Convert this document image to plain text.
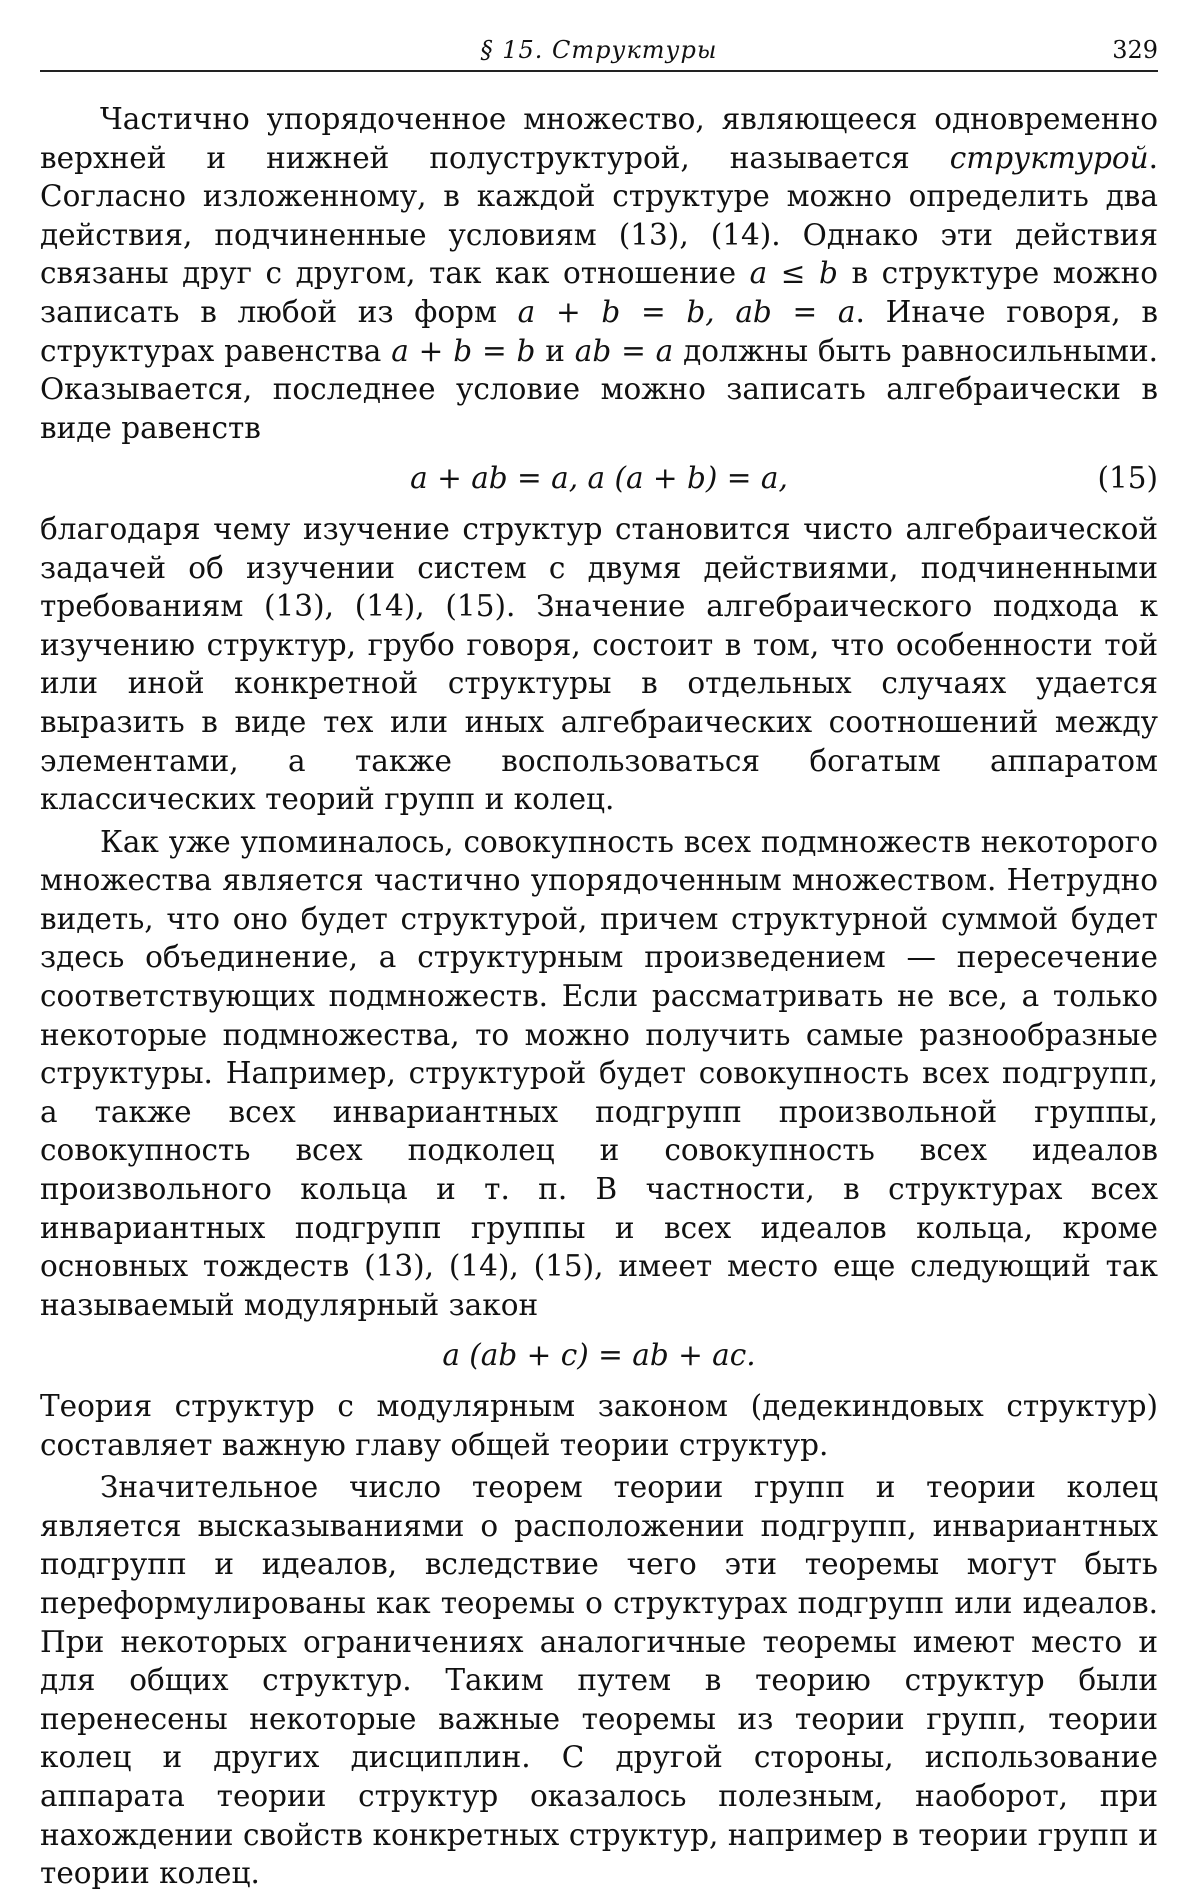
§ 15. Структуры	329

Частично упорядоченное множество, являющееся одновременно верхней и нижней полуструктурой, называется структурой. Согласно изложенному, в каждой структуре можно определить два действия, подчиненные условиям (13), (14). Однако эти действия связаны друг с другом, так как отношение a ≤ b в структуре можно записать в любой из форм a + b = b, ab = a. Иначе говоря, в структурах равенства a + b = b и ab = a должны быть равносильными. Оказывается, последнее условие можно записать алгебраически в виде равенств

a + ab = a, a (a + b) = a,	(15)

благодаря чему изучение структур становится чисто алгебраической задачей об изучении систем с двумя действиями, подчиненными требованиям (13), (14), (15). Значение алгебраического подхода к изучению структур, грубо говоря, состоит в том, что особенности той или иной конкретной структуры в отдельных случаях удается выразить в виде тех или иных алгебраических соотношений между элементами, а также воспользоваться богатым аппаратом классических теорий групп и колец.

Как уже упоминалось, совокупность всех подмножеств некоторого множества является частично упорядоченным множеством. Нетрудно видеть, что оно будет структурой, причем структурной суммой будет здесь объединение, а структурным произведением — пересечение соответствующих подмножеств. Если рассматривать не все, а только некоторые подмножества, то можно получить самые разнообразные структуры. Например, структурой будет совокупность всех подгрупп, а также всех инвариантных подгрупп произвольной группы, совокупность всех подколец и совокупность всех идеалов произвольного кольца и т. п. В частности, в структурах всех инвариантных подгрупп группы и всех идеалов кольца, кроме основных тождеств (13), (14), (15), имеет место еще следующий так называемый модулярный закон

a (ab + c) = ab + ac.

Теория структур с модулярным законом (дедекиндовых структур) составляет важную главу общей теории структур.

Значительное число теорем теории групп и теории колец является высказываниями о расположении подгрупп, инвариантных подгрупп и идеалов, вследствие чего эти теоремы могут быть переформулированы как теоремы о структурах подгрупп или идеалов. При некоторых ограничениях аналогичные теоремы имеют место и для общих структур. Таким путем в теорию структур были перенесены некоторые важные теоремы из теории групп, теории колец и других дисциплин. С другой стороны, использование аппарата теории структур оказалось полезным, наоборот, при нахождении свойств конкретных структур, например в теории групп и теории колец.
